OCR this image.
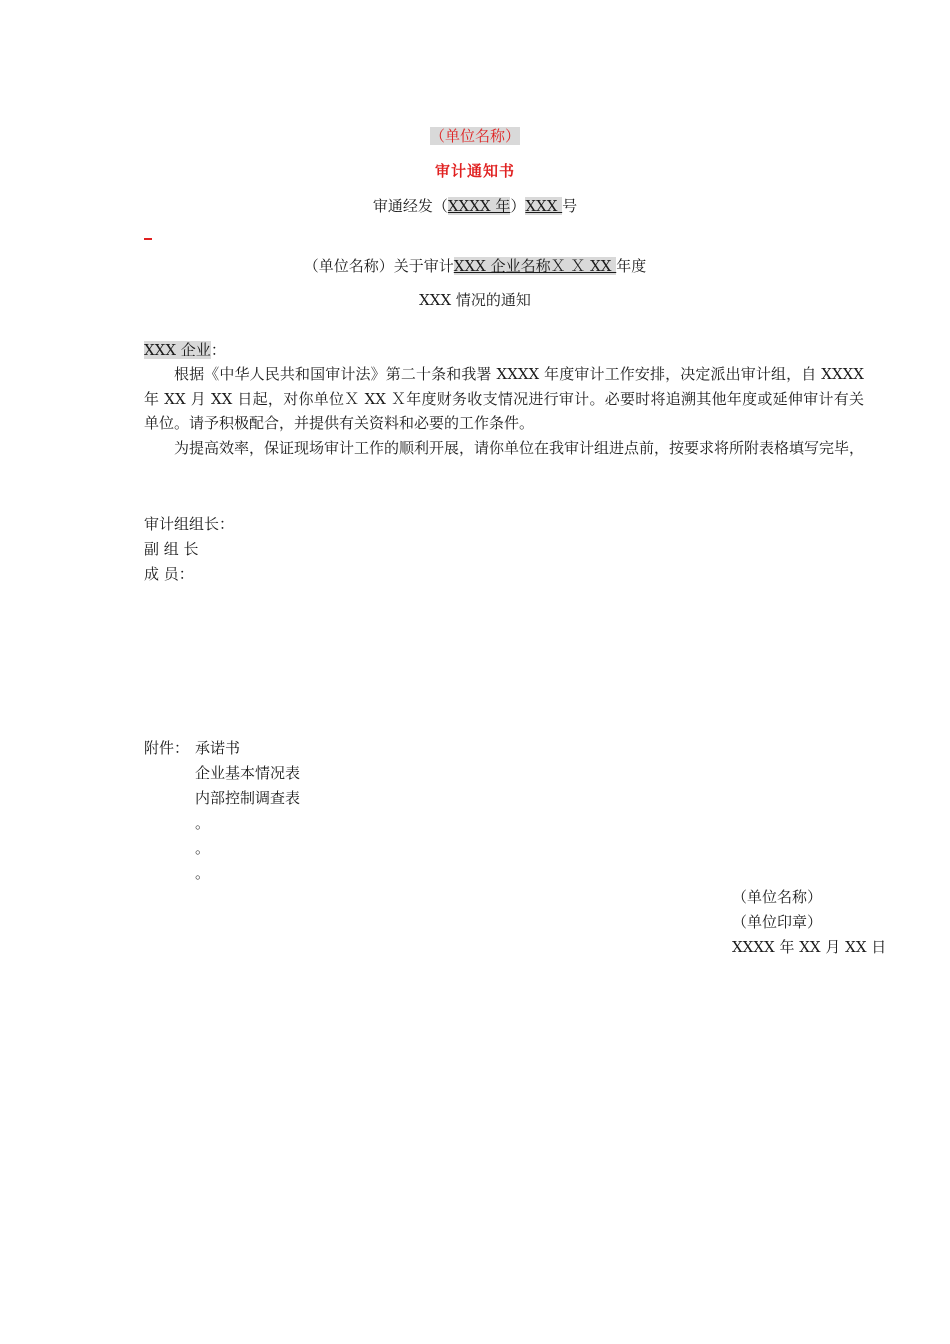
（单位名称）
审计通知书
审通经发（XXXX 年）XXX 号
（单位名称）关于审计XXX 企业名称Ｘ Ｘ XX 年度
XXX 情况的通知
XXX 企业：
根据《中华人民共和国审计法》第二十条和我署 XXXX 年度审计工作安排，决定派出审计组，自 XXXX 年 XX 月 XX 日起，对你单位Ｘ XX Ｘ年度财务收支情况进行审计。必要时将追溯其他年度或延伸审计有关单位。请予积极配合，并提供有关资料和必要的工作条件。
为提高效率，保证现场审计工作的顺利开展，请你单位在我审计组进点前，按要求将所附表格填写完毕，
审计组组长：
副 组 长
成 员：
附件： 承诺书
企业基本情况表
内部控制调查表
。
。
。
（单位名称）
（单位印章）
XXXX 年 XX 月 XX 日
